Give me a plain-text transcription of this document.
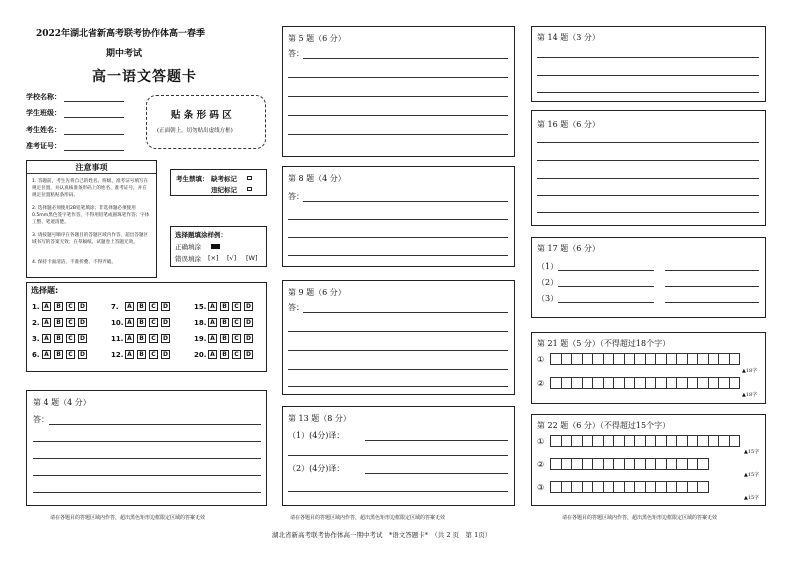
2022年湖北省新高考联考协作体高一春季
期中考试
高一语文答题卡
学校名称：
学生班级：
考生姓名：
准考证号：
贴 条 形 码 区
(正面朝上，切勿贴出虚线方框)
注意事项
1. 答题前，考生先将自己的姓名、班级、准考证号填写在规定位置，并认真核准条形码上的姓名、准考证号，并在规定位置粘贴条形码。
2. 选择题必须使用2B铅笔填涂；非选择题必须使用0.5mm黑色签字笔作答，不得用铅笔或圆珠笔作答；字体工整、笔迹清楚。
3. 请按题号顺序在各题目的答题区域内作答，超出答题区域书写的答案无效；在草稿纸、试题卷上答题无效。
4. 保持卡面清洁，不准折叠、不得弄破。
考生禁填： 缺考标记
违纪标记
选择题填涂样例：
正确填涂
错误填涂 [×] [√] [W]
选择题:
1. A	B	C	D
2. A	B	C	D
3. A	B	C	D
6. A	B	C	D
7.	A	B	C	D
10. A	B	C	D
11. A	B	C	D
12. A	B	C	D
15. A	B	C	D
18. A	B	C	D
19. A	B	C	D
20. A	B	C	D
第 4 题（4 分）
答：
请在各题目的答题区域内作答，超出黑色矩形边框限定区域的答案无效
第 5 题（6 分）
答：
第 8 题（4 分）
答：
第 9 题（6 分）
答：
第 13 题（8 分）
（1）(4分)译：
（2）(4分)译：
请在各题目的答题区域内作答，超出黑色矩形边框限定区域的答案无效
第 14 题（3 分）
第 16 题（6 分）
第 17 题（6 分）
（1）
（2）
（3）
第 21 题（5 分）（不得超过18个字）
①
▲18字
②
▲18字
第 22 题（6 分）（不得超过15个字）
①
▲15字
②
▲15字
③
▲15字
请在各题目的答题区域内作答，超出黑色矩形边框限定区域的答案无效
湖北省新高考联考协作体高一期中考试　*语文答题卡*　（共 2 页　第 1页）
